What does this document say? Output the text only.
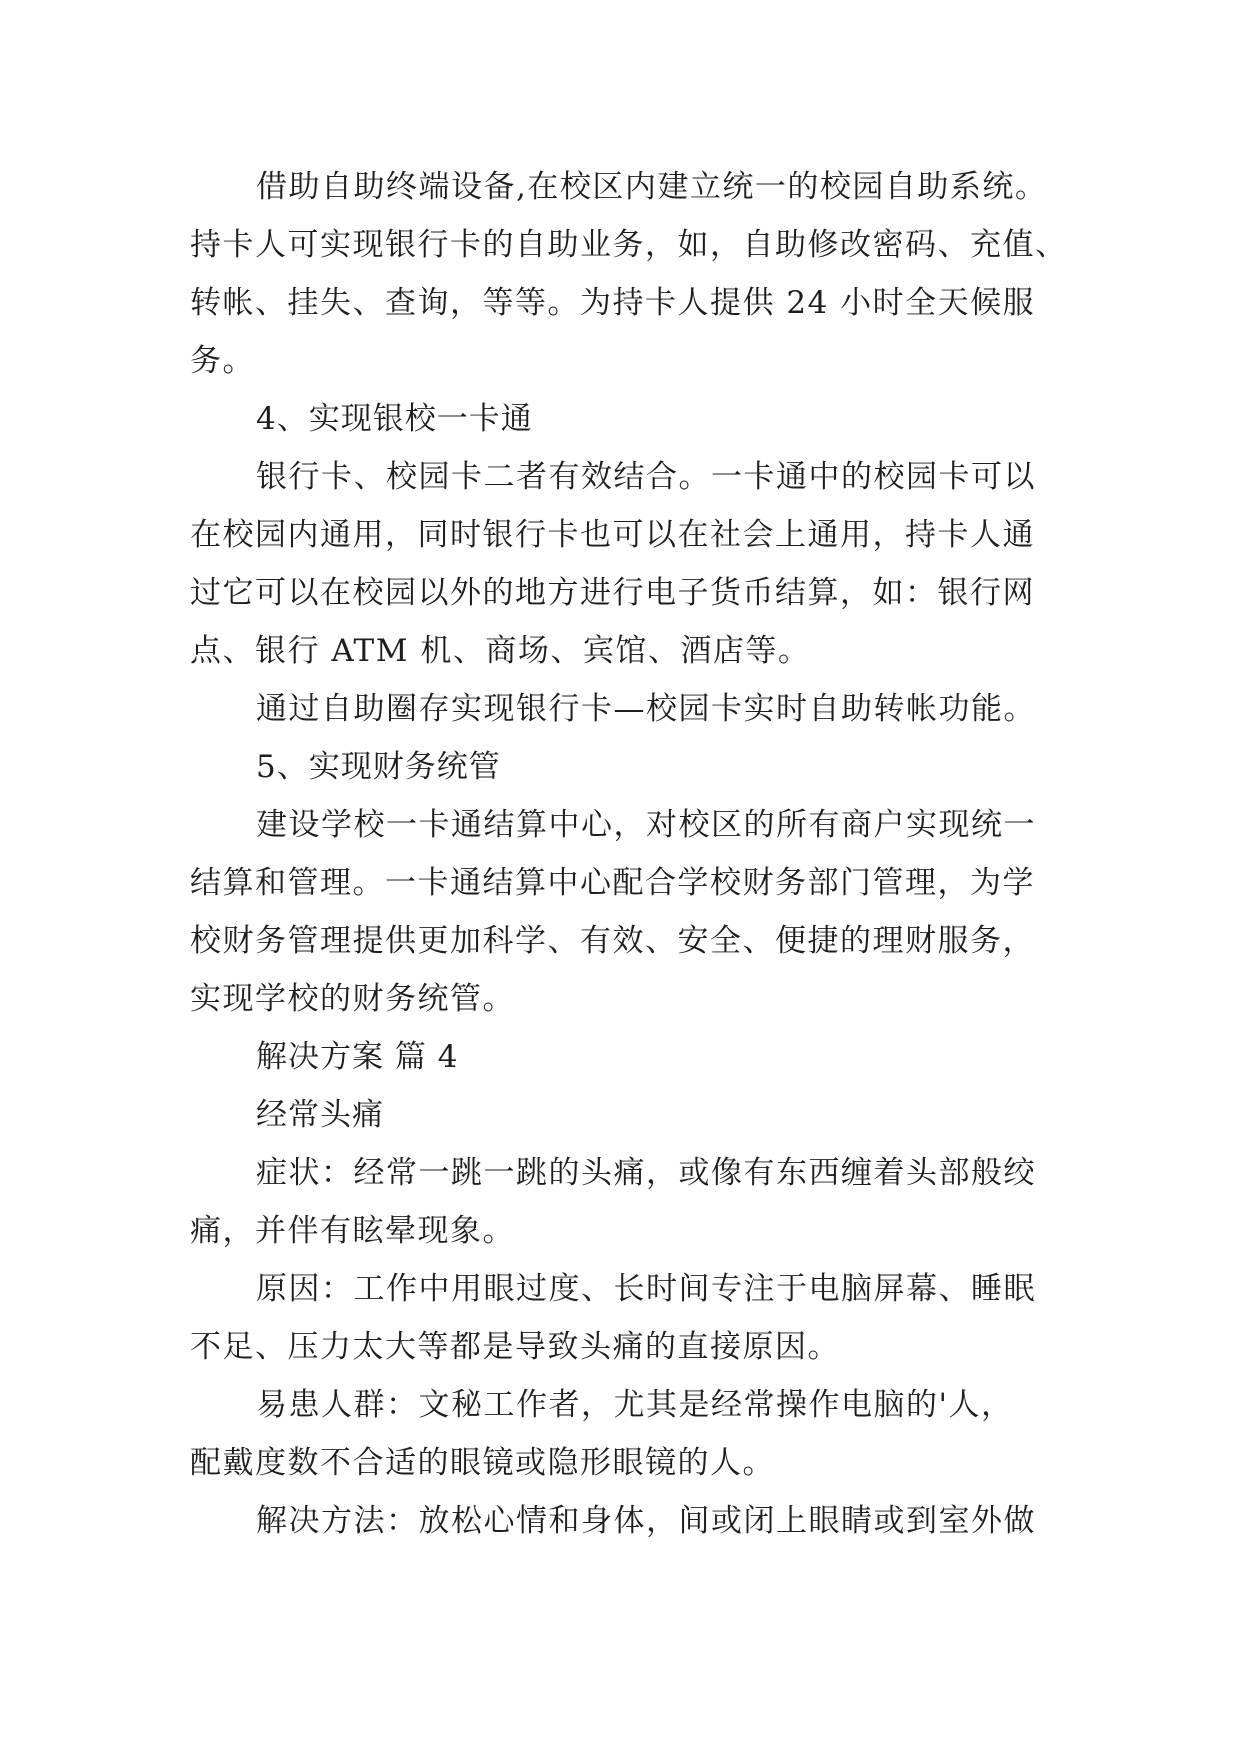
借助自助终端设备,在校区内建立统一的校园自助系统。
持卡人可实现银行卡的自助业务，如，自助修改密码、充值、
转帐、挂失、查询，等等。为持卡人提供 24 小时全天候服
务。
4、实现银校一卡通
银行卡、校园卡二者有效结合。一卡通中的校园卡可以
在校园内通用，同时银行卡也可以在社会上通用，持卡人通
过它可以在校园以外的地方进行电子货币结算，如：银行网
点、银行 ATM 机、商场、宾馆、酒店等。
通过自助圈存实现银行卡—校园卡实时自助转帐功能。
5、实现财务统管
建设学校一卡通结算中心，对校区的所有商户实现统一
结算和管理。一卡通结算中心配合学校财务部门管理，为学
校财务管理提供更加科学、有效、安全、便捷的理财服务，
实现学校的财务统管。
解决方案 篇 4
经常头痛
症状：经常一跳一跳的头痛，或像有东西缠着头部般绞
痛，并伴有眩晕现象。
原因：工作中用眼过度、长时间专注于电脑屏幕、睡眠
不足、压力太大等都是导致头痛的直接原因。
易患人群：文秘工作者，尤其是经常操作电脑的'人，
配戴度数不合适的眼镜或隐形眼镜的人。
解决方法：放松心情和身体，间或闭上眼睛或到室外做
